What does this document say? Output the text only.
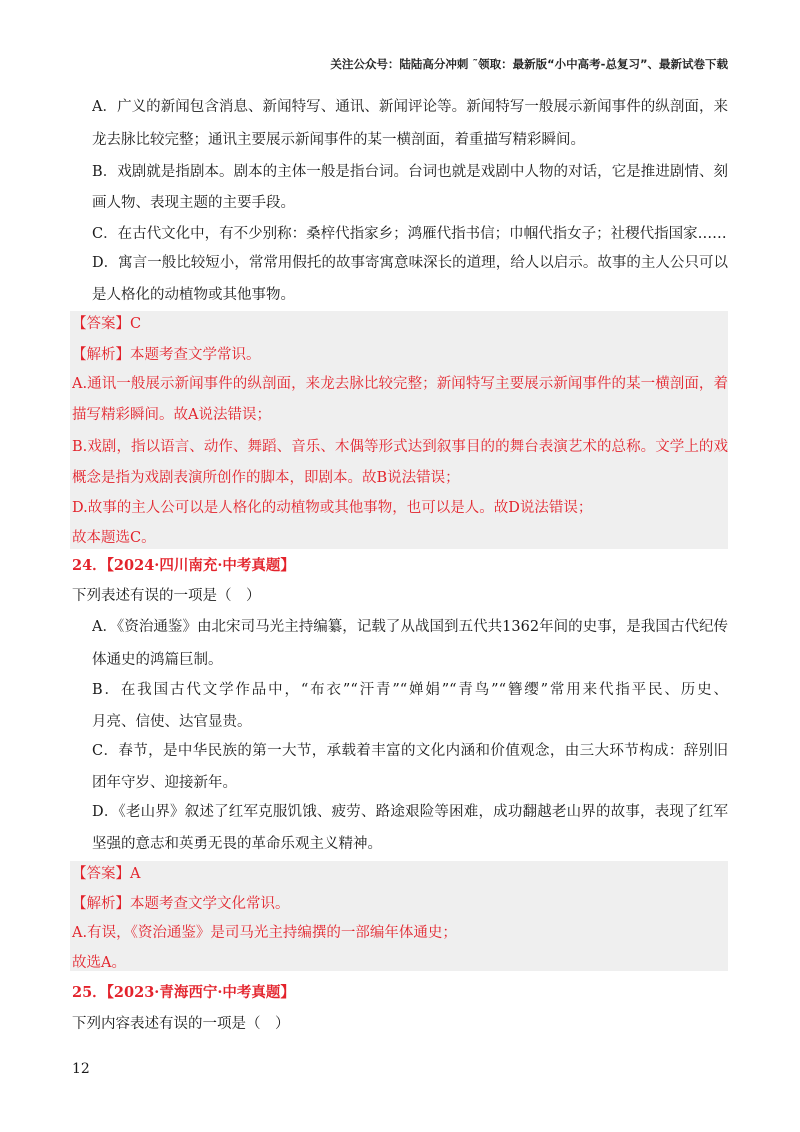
关注公众号：陆陆高分冲刺 ˜领取：最新版“小中高考-总复习”、最新试卷下载
A．广义的新闻包含消息、新闻特写、通讯、新闻评论等。新闻特写一般展示新闻事件的纵剖面，来
龙去脉比较完整；通讯主要展示新闻事件的某一横剖面，着重描写精彩瞬间。
B．戏剧就是指剧本。剧本的主体一般是指台词。台词也就是戏剧中人物的对话，它是推进剧情、刻
画人物、表现主题的主要手段。
C．在古代文化中，有不少别称：桑梓代指家乡；鸿雁代指书信；巾帼代指女子；社稷代指国家……
D．寓言一般比较短小，常常用假托的故事寄寓意味深长的道理，给人以启示。故事的主人公只可以
是人格化的动植物或其他事物。
【答案】C
【解析】本题考查文学常识。
A.通讯一般展示新闻事件的纵剖面，来龙去脉比较完整；新闻特写主要展示新闻事件的某一横剖面，着
描写精彩瞬间。故A说法错误；
B.戏剧，指以语言、动作、舞蹈、音乐、木偶等形式达到叙事目的的舞台表演艺术的总称。文学上的戏
概念是指为戏剧表演所创作的脚本，即剧本。故B说法错误；
D.故事的主人公可以是人格化的动植物或其他事物，也可以是人。故D说法错误；
故本题选C。
24．【2024·四川南充·中考真题】
下列表述有误的一项是（　）
A．《资治通鉴》由北宋司马光主持编纂，记载了从战国到五代共1362年间的史事，是我国古代纪传
体通史的鸿篇巨制。
B．在我国古代文学作品中，“布衣”“汗青”“婵娟”“青鸟”“簪缨”常用来代指平民、历史、
月亮、信使、达官显贵。
C．春节，是中华民族的第一大节，承载着丰富的文化内涵和价值观念，由三大环节构成：辞别旧
团年守岁、迎接新年。
D．《老山界》叙述了红军克服饥饿、疲劳、路途艰险等困难，成功翻越老山界的故事，表现了红军
坚强的意志和英勇无畏的革命乐观主义精神。
【答案】A
【解析】本题考查文学文化常识。
A.有误，《资治通鉴》是司马光主持编撰的一部编年体通史；
故选A。
25．【2023·青海西宁·中考真题】
下列内容表述有误的一项是（　）
12
